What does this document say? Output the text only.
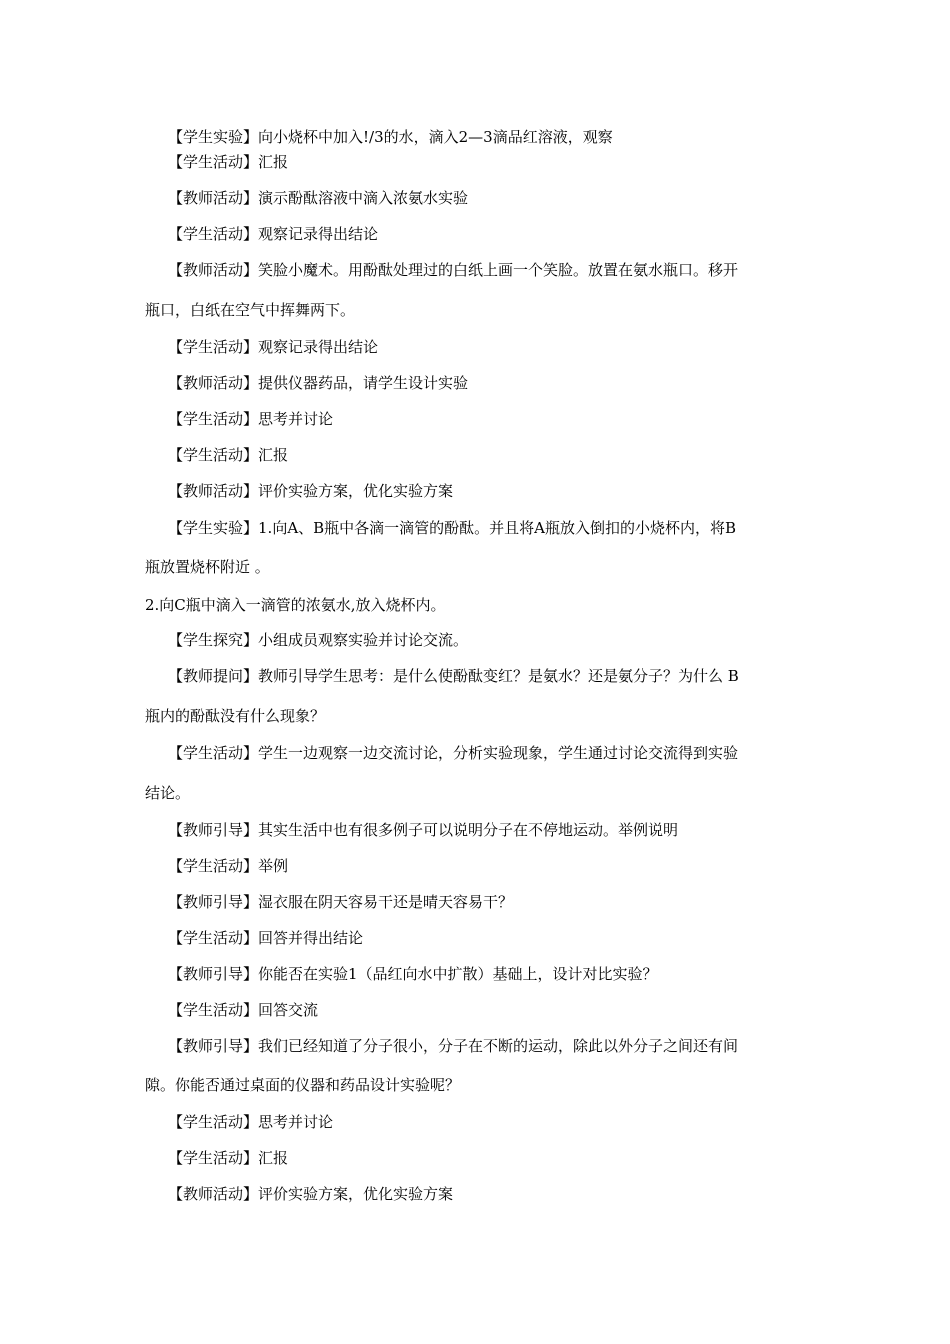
【学生实验】向小烧杯中加入!/3的水，滴入2—3滴品红溶液，观察
【学生活动】汇报
【教师活动】演示酚酞溶液中滴入浓氨水实验
【学生活动】观察记录得出结论
【教师活动】笑脸小魔术。用酚酞处理过的白纸上画一个笑脸。放置在氨水瓶口。移开
瓶口，白纸在空气中挥舞两下。
【学生活动】观察记录得出结论
【教师活动】提供仪器药品，请学生设计实验
【学生活动】思考并讨论
【学生活动】汇报
【教师活动】评价实验方案，优化实验方案
【学生实验】1.向A、B瓶中各滴一滴管的酚酞。并且将A瓶放入倒扣的小烧杯内，将B
瓶放置烧杯附近 。
2.向C瓶中滴入一滴管的浓氨水,放入烧杯内。
【学生探究】小组成员观察实验并讨论交流。
【教师提问】教师引导学生思考：是什么使酚酞变红？是氨水？还是氨分子？为什么 B
瓶内的酚酞没有什么现象？
【学生活动】学生一边观察一边交流讨论，分析实验现象，学生通过讨论交流得到实验
结论。
【教师引导】其实生活中也有很多例子可以说明分子在不停地运动。举例说明
【学生活动】举例
【教师引导】湿衣服在阴天容易干还是晴天容易干？
【学生活动】回答并得出结论
【教师引导】你能否在实验1（品红向水中扩散）基础上，设计对比实验？
【学生活动】回答交流
【教师引导】我们已经知道了分子很小，分子在不断的运动，除此以外分子之间还有间
隙。你能否通过桌面的仪器和药品设计实验呢？
【学生活动】思考并讨论
【学生活动】汇报
【教师活动】评价实验方案，优化实验方案
